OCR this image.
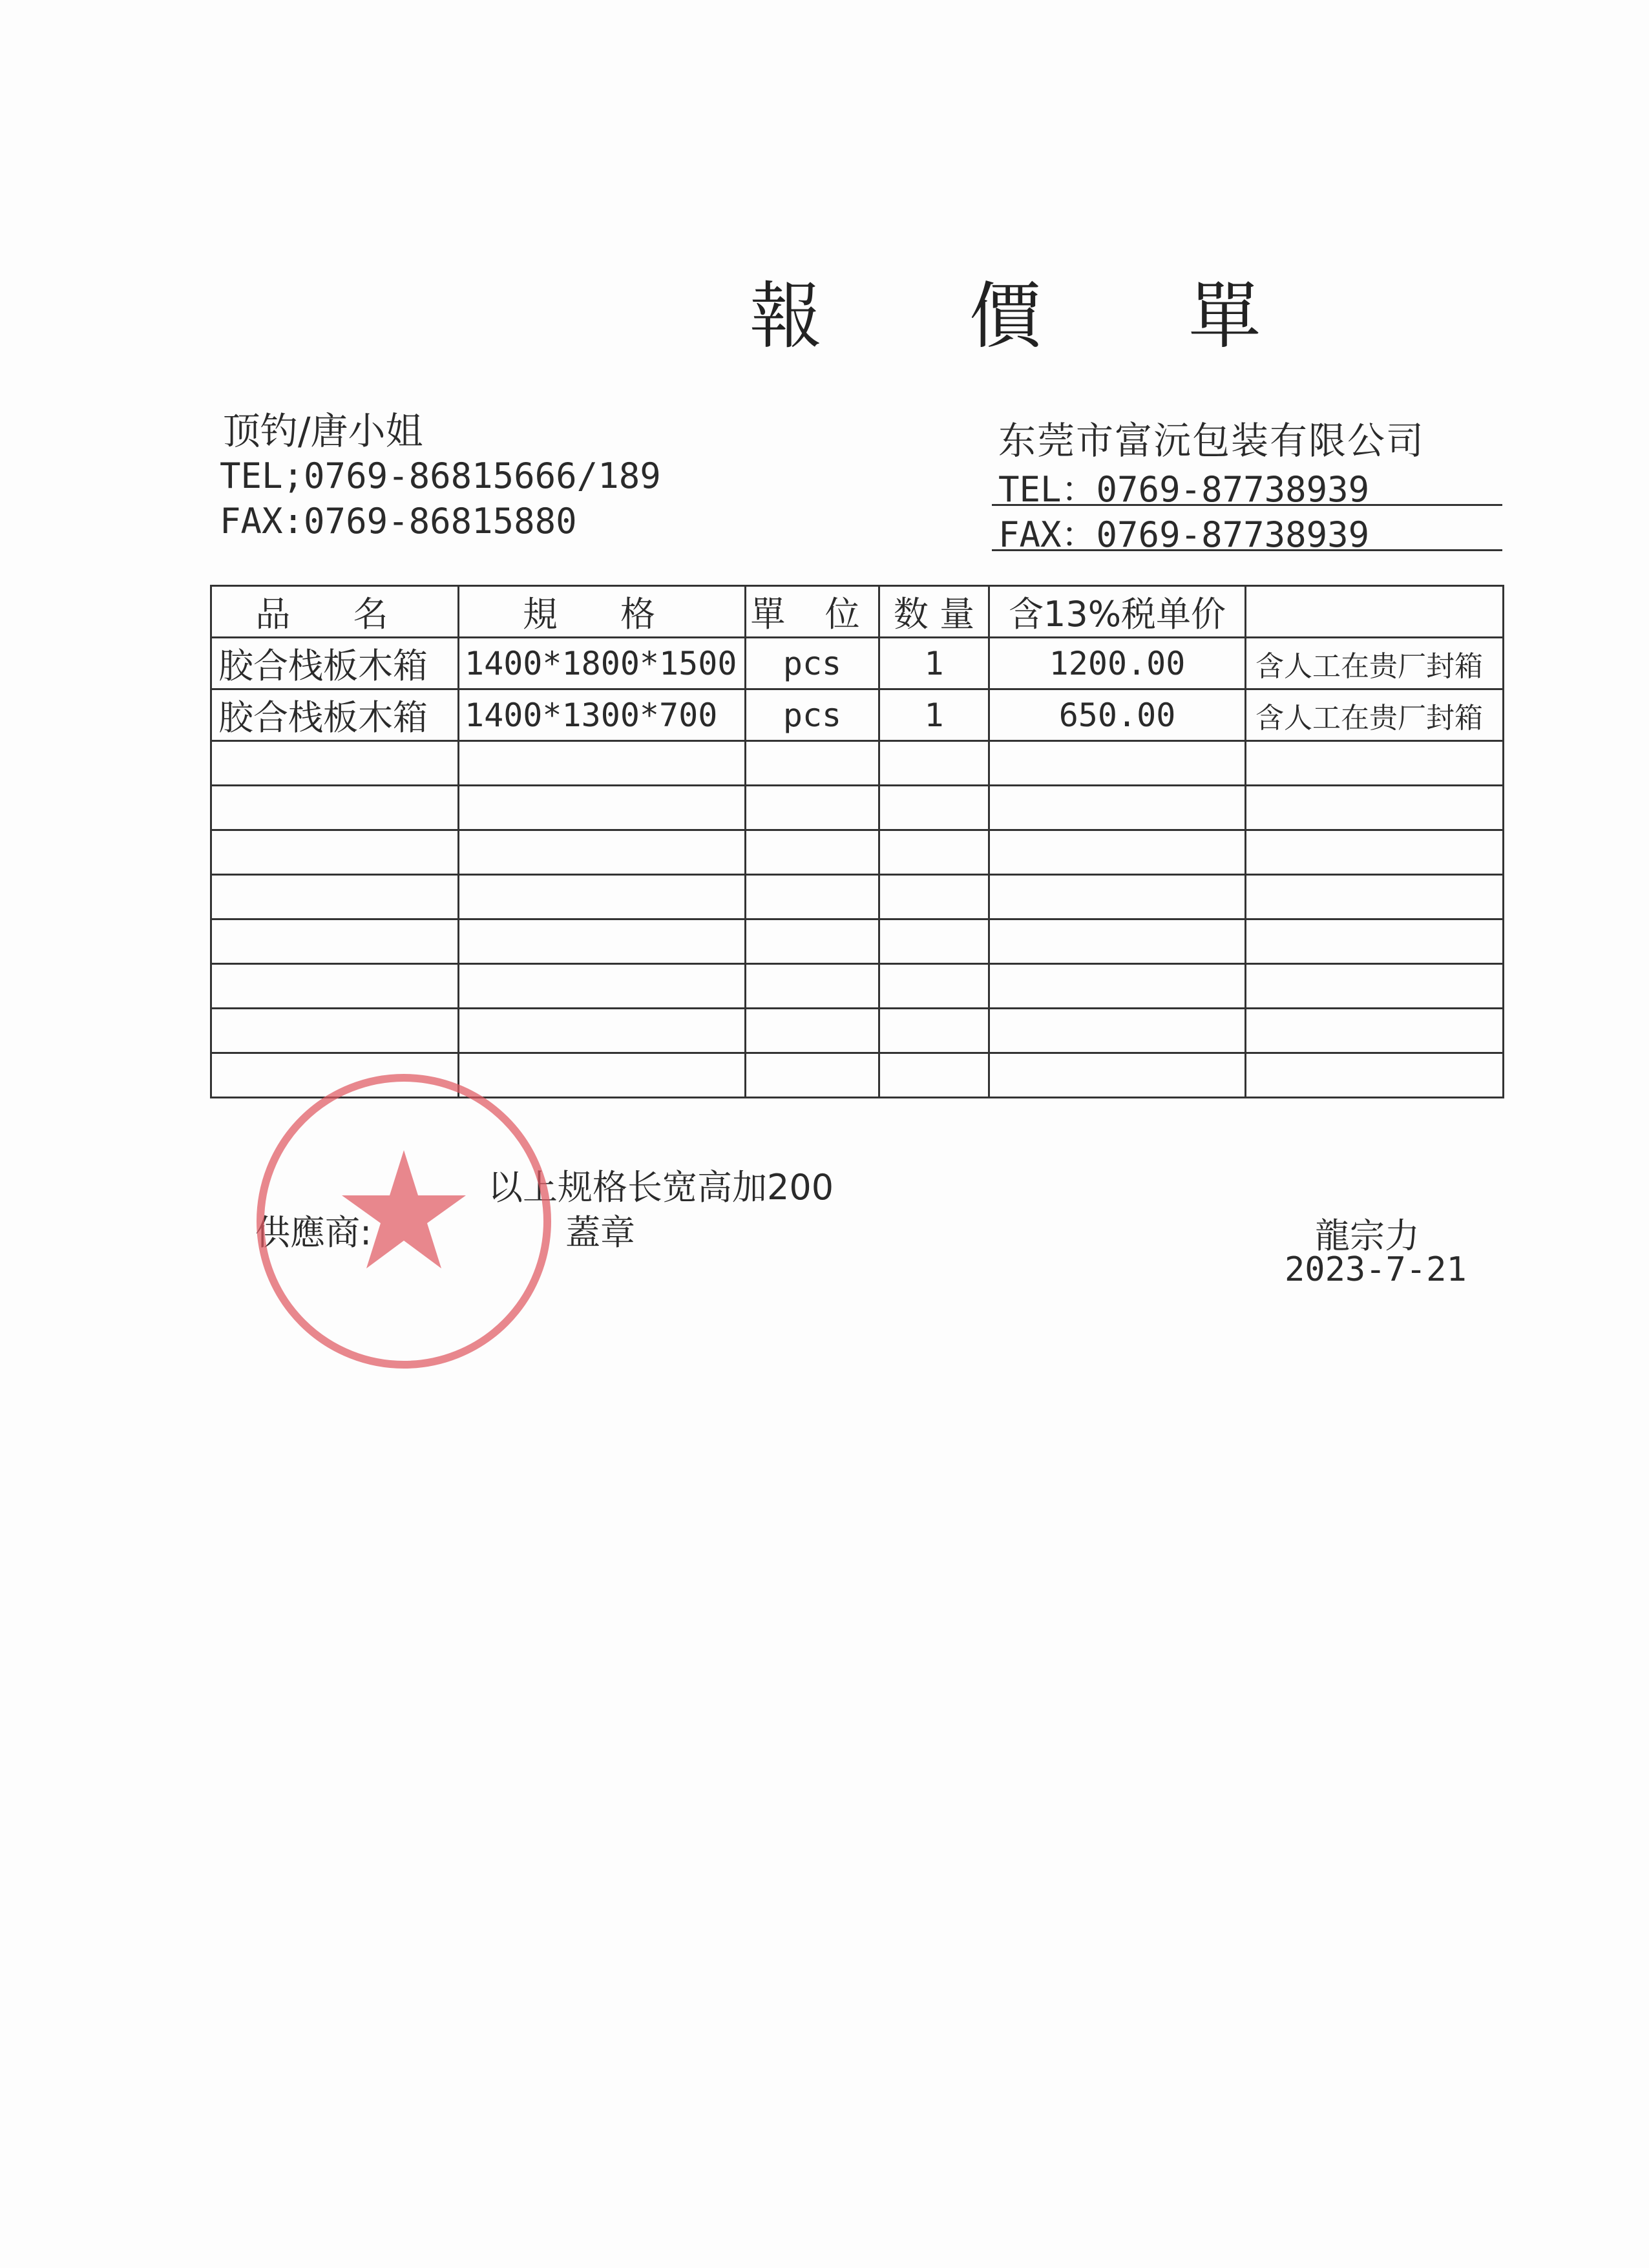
報 價 單
顶钓/唐小姐
TEL;0769-86815666/189
FAX:0769-86815880
东莞市富沅包装有限公司
TEL：0769-87738939
FAX：0769-87738939
品 名	規 格	單 位	数 量	含13%税单价	
胶合栈板木箱	1400*1800*1500	pcs	1	1200.00	含人工在贵厂封箱
胶合栈板木箱	1400*1300*700	pcs	1	650.00	含人工在贵厂封箱

以上规格长宽高加200
供應商:	蓋章	龍宗力
2023-7-21
